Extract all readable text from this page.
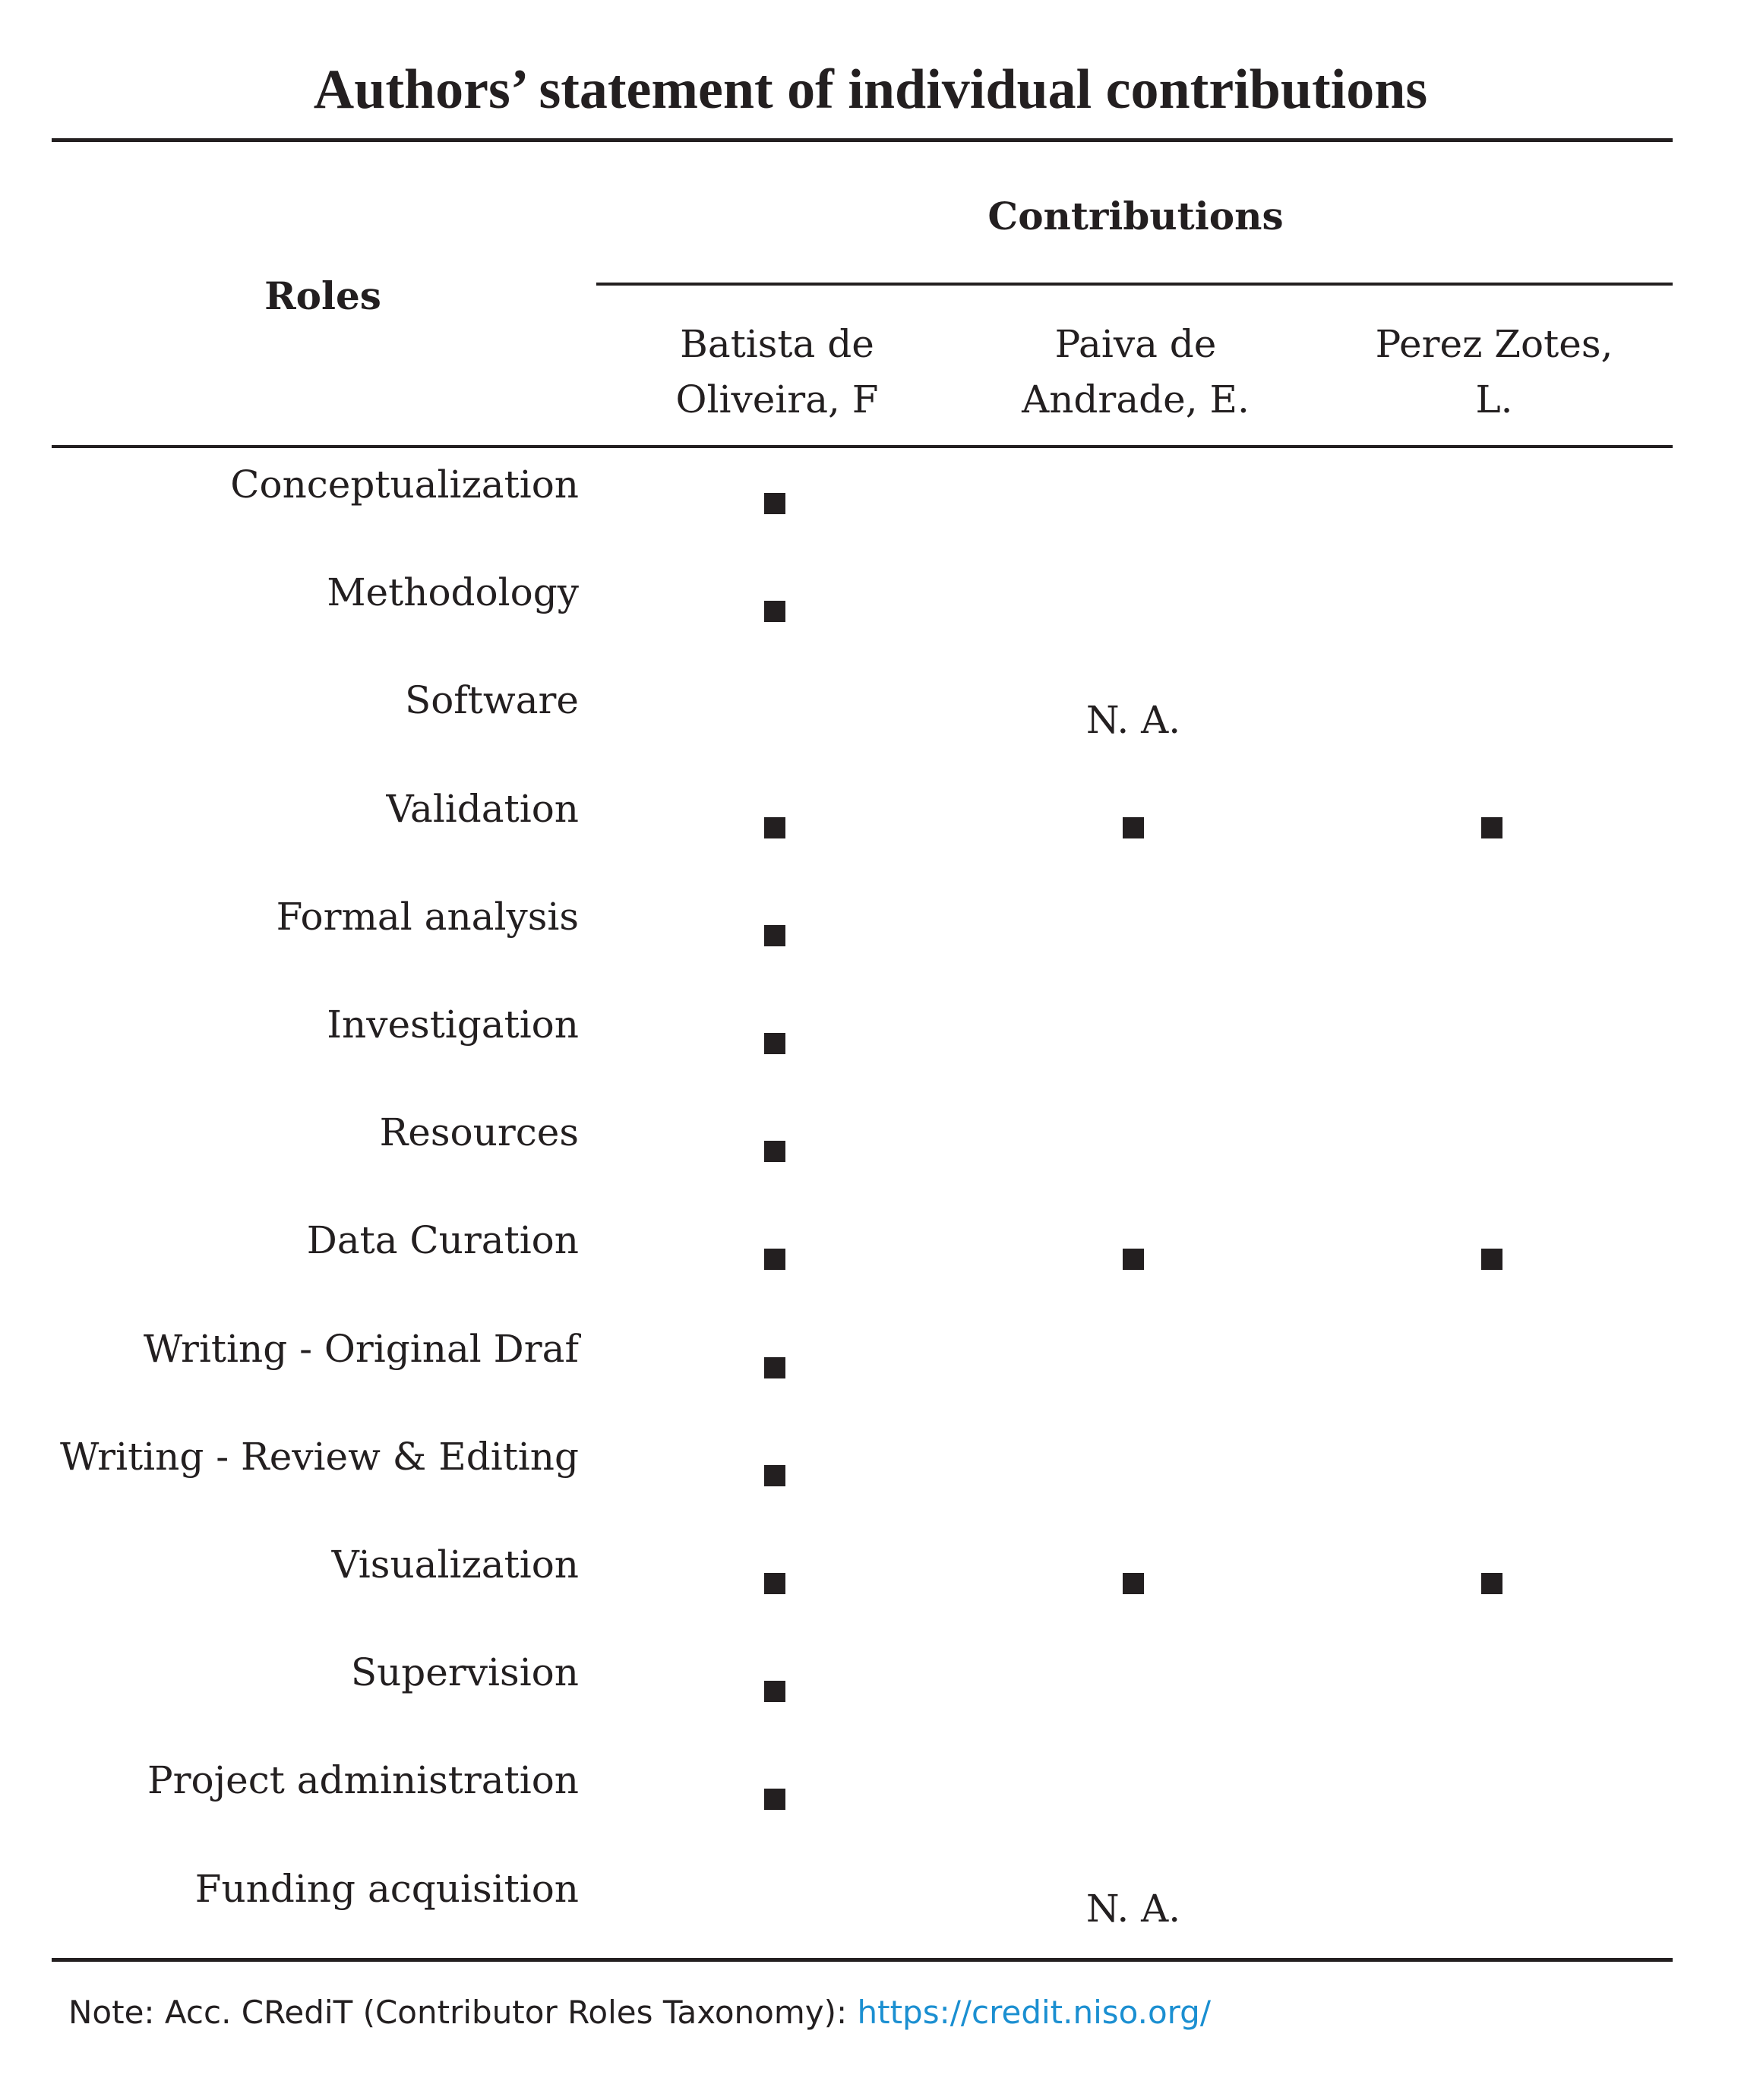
Authors’ statement of individual contributions
Roles
Contributions
Batista de
Oliveira, F
Paiva de
Andrade, E.
Perez Zotes,
L.
Conceptualization
Methodology
Software	N. A.
Validation
Formal analysis
Investigation
Resources
Data Curation
Writing - Original Draf
Writing - Review & Editing
Visualization
Supervision
Project administration
Funding acquisition	N. A.
Note: Acc. CRediT (Contributor Roles Taxonomy): https://credit.niso.org/
